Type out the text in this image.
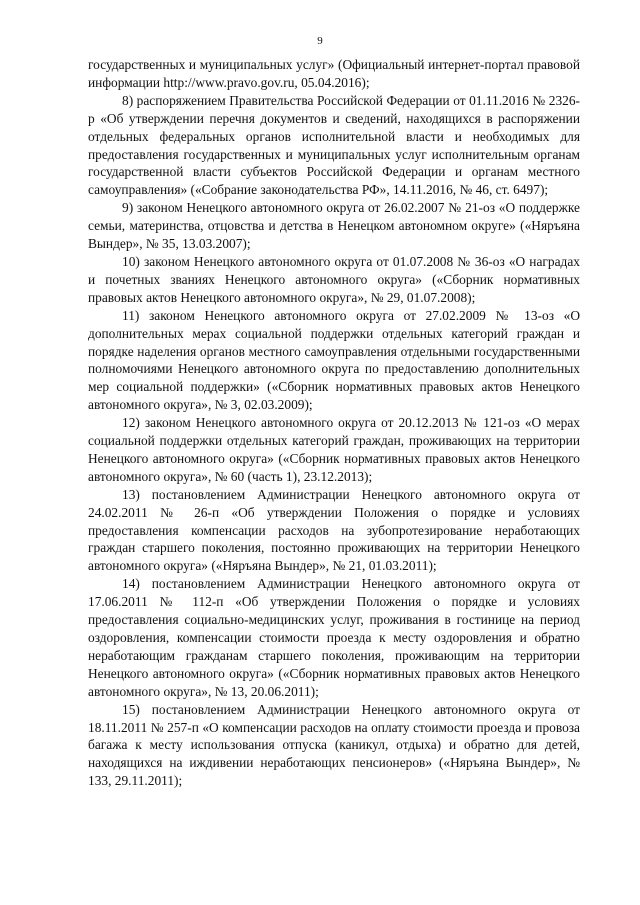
9

государственных и муниципальных услуг» (Официальный интернет-портал правовой информации http://www.pravo.gov.ru, 05.04.2016);

8) распоряжением Правительства Российской Федерации от 01.11.2016 № 2326-р «Об утверждении перечня документов и сведений, находящихся в распоряжении отдельных федеральных органов исполнительной власти и необходимых для предоставления государственных и муниципальных услуг исполнительным органам государственной власти субъектов Российской Федерации и органам местного самоуправления» («Собрание законодательства РФ», 14.11.2016, № 46, ст. 6497);

9) законом Ненецкого автономного округа от 26.02.2007 № 21-оз «О поддержке семьи, материнства, отцовства и детства в Ненецком автономном округе» («Няръяна Вындер», № 35, 13.03.2007);

10) законом Ненецкого автономного округа от 01.07.2008 № 36-оз «О наградах и почетных званиях Ненецкого автономного округа» («Сборник нормативных правовых актов Ненецкого автономного округа», № 29, 01.07.2008);

11) законом Ненецкого автономного округа от 27.02.2009 № 13-оз «О дополнительных мерах социальной поддержки отдельных категорий граждан и порядке наделения органов местного самоуправления отдельными государственными полномочиями Ненецкого автономного округа по предоставлению дополнительных мер социальной поддержки» («Сборник нормативных правовых актов Ненецкого автономного округа», № 3, 02.03.2009);

12) законом Ненецкого автономного округа от 20.12.2013 № 121-оз «О мерах социальной поддержки отдельных категорий граждан, проживающих на территории Ненецкого автономного округа» («Сборник нормативных правовых актов Ненецкого автономного округа», № 60 (часть 1), 23.12.2013);

13) постановлением Администрации Ненецкого автономного округа от 24.02.2011 № 26-п «Об утверждении Положения о порядке и условиях предоставления компенсации расходов на зубопротезирование неработающих граждан старшего поколения, постоянно проживающих на территории Ненецкого автономного округа» («Няръяна Вындер», № 21, 01.03.2011);

14) постановлением Администрации Ненецкого автономного округа от 17.06.2011 № 112-п «Об утверждении Положения о порядке и условиях предоставления социально-медицинских услуг, проживания в гостинице на период оздоровления, компенсации стоимости проезда к месту оздоровления и обратно неработающим гражданам старшего поколения, проживающим на территории Ненецкого автономного округа» («Сборник нормативных правовых актов Ненецкого автономного округа», № 13, 20.06.2011);

15) постановлением Администрации Ненецкого автономного округа от 18.11.2011 № 257-п «О компенсации расходов на оплату стоимости проезда и провоза багажа к месту использования отпуска (каникул, отдыха) и обратно для детей, находящихся на иждивении неработающих пенсионеров» («Няръяна Вындер», № 133, 29.11.2011);
